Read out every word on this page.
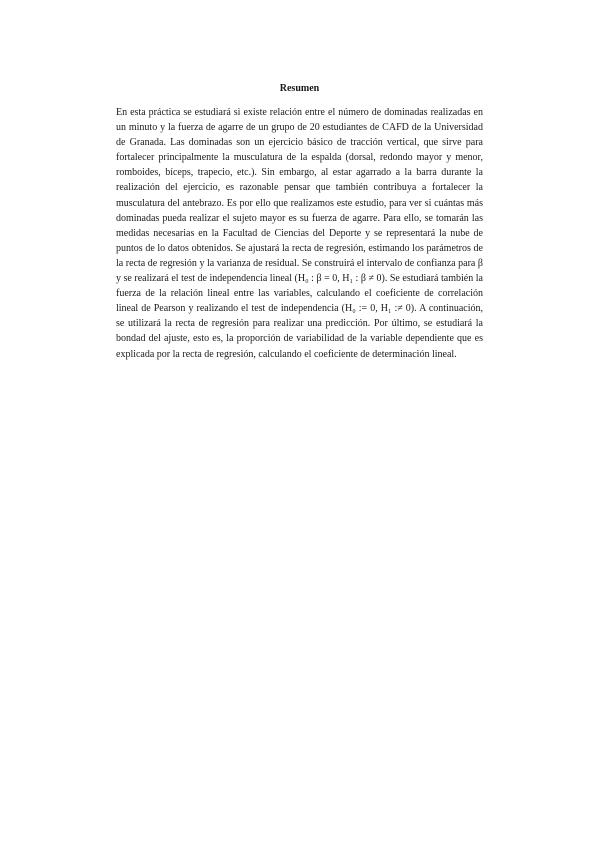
Resumen
En esta práctica se estudiará si existe relación entre el número de dominadas realizadas en un minuto y la fuerza de agarre de un grupo de 20 estudiantes de CAFD de la Universidad de Granada. Las dominadas son un ejercicio básico de tracción vertical, que sirve para fortalecer principalmente la musculatura de la espalda (dorsal, redondo mayor y menor, romboides, bíceps, trapecio, etc.). Sin embargo, al estar agarrado a la barra durante la realización del ejercicio, es razonable pensar que también contribuya a fortalecer la musculatura del antebrazo. Es por ello que realizamos este estudio, para ver si cuántas más dominadas pueda realizar el sujeto mayor es su fuerza de agarre. Para ello, se tomarán las medidas necesarias en la Facultad de Ciencias del Deporte y se representará la nube de puntos de lo datos obtenidos. Se ajustará la recta de regresión, estimando los parámetros de la recta de regresión y la varianza de residual. Se construirá el intervalo de confianza para β y se realizará el test de independencia lineal (H₀ : β = 0, H₁ : β ≠ 0). Se estudiará también la fuerza de la relación lineal entre las variables, calculando el coeficiente de correlación lineal de Pearson y realizando el test de independencia (H₀ := 0, H₁ :≠ 0). A continuación, se utilizará la recta de regresión para realizar una predicción. Por último, se estudiará la bondad del ajuste, esto es, la proporción de variabilidad de la variable dependiente que es explicada por la recta de regresión, calculando el coeficiente de determinación lineal.
